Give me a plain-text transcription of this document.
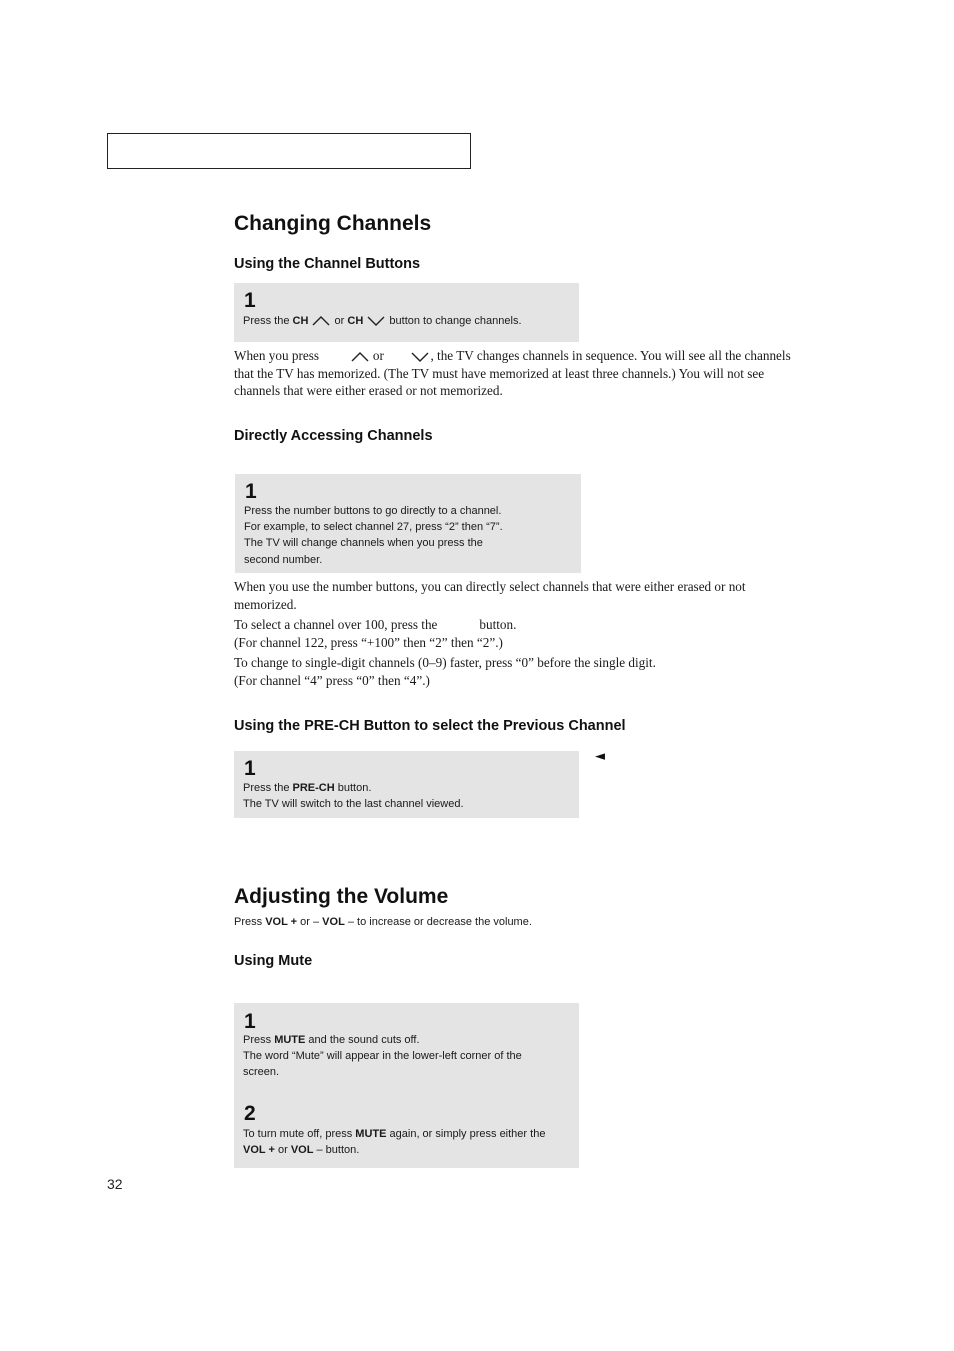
Changing Channels
Using the Channel Buttons
1
Press the CH  or CH  button to change channels.
When you press	or	, the TV changes channels in sequence. You will see all the channels that the TV has memorized. (The TV must have memorized at least three channels.) You will not see channels that were either erased or not memorized.
Directly Accessing Channels
1
Press the number buttons to go directly to a channel.
For example, to select channel 27, press “2” then “7”.
The TV will change channels when you press the
second number.
When you use the number buttons, you can directly select channels that were either erased or not memorized.
To select a channel over 100, press the	button.
(For channel 122, press “+100” then “2” then “2”.)
To change to single-digit channels (0–9) faster, press “0” before the single digit.
(For channel “4” press “0” then “4”.)
Using the PRE-CH Button to select the Previous Channel
1
Press the PRE-CH button.
The TV will switch to the last channel viewed.
◄
Adjusting the Volume
Press VOL + or – VOL – to increase or decrease the volume.
Using Mute
1
Press MUTE and the sound cuts off.
The word “Mute” will appear in the lower-left corner of the
screen.
2
To turn mute off, press MUTE again, or simply press either the
VOL + or VOL – button.
32
